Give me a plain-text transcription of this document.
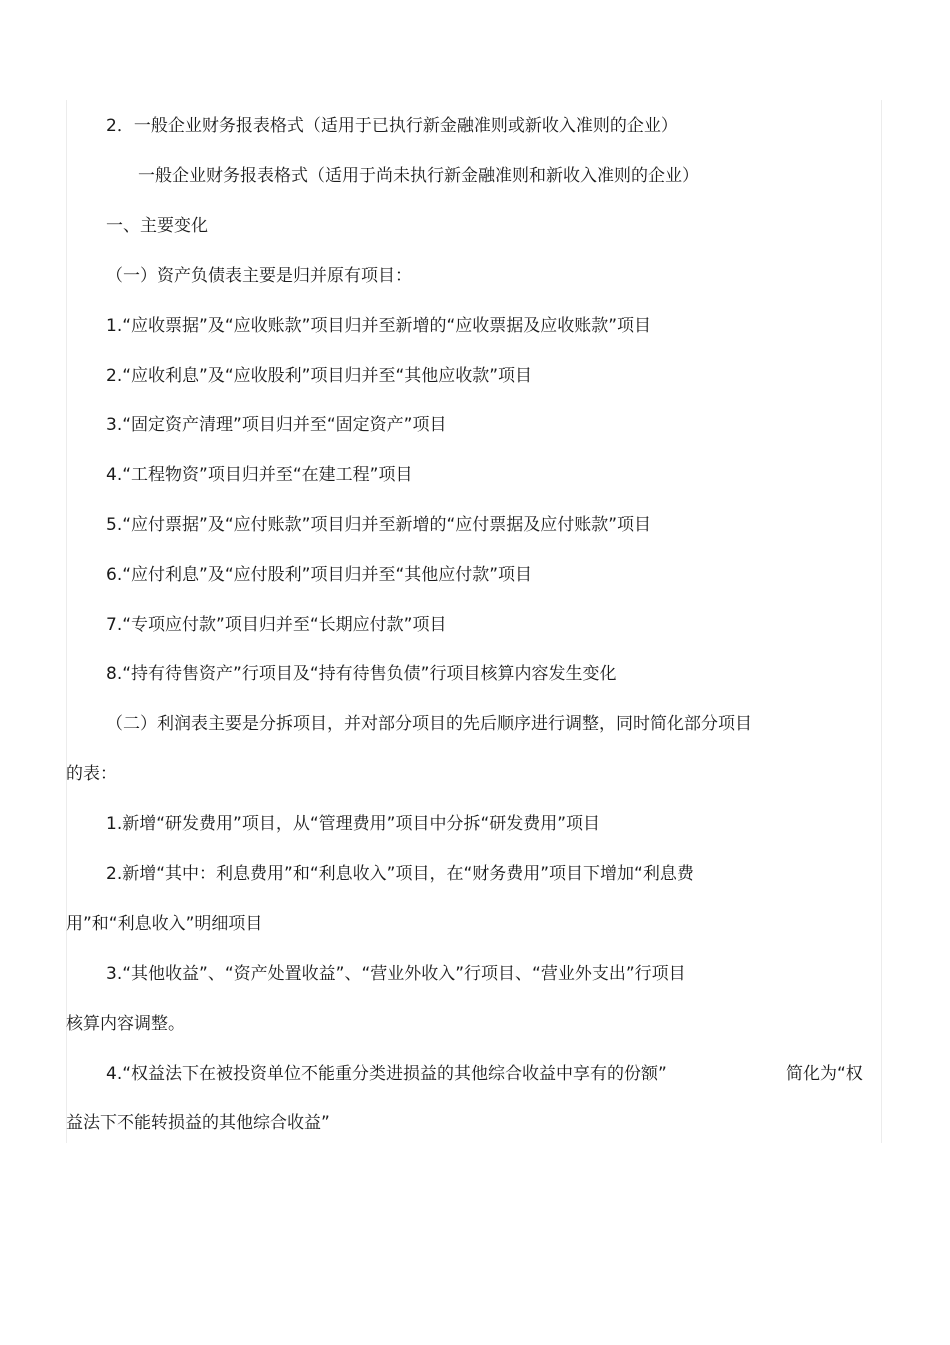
2．一般企业财务报表格式（适用于已执行新金融准则或新收入准则的企业）

一般企业财务报表格式（适用于尚未执行新金融准则和新收入准则的企业）

一、主要变化

（一）资产负债表主要是归并原有项目：

1.“应收票据”及“应收账款”项目归并至新增的“应收票据及应收账款”项目

2.“应收利息”及“应收股利”项目归并至“其他应收款”项目

3.“固定资产清理”项目归并至“固定资产”项目

4.“工程物资”项目归并至“在建工程”项目

5.“应付票据”及“应付账款”项目归并至新增的“应付票据及应付账款”项目

6.“应付利息”及“应付股利”项目归并至“其他应付款”项目

7.“专项应付款”项目归并至“长期应付款”项目

8.“持有待售资产”行项目及“持有待售负债”行项目核算内容发生变化

（二）利润表主要是分拆项目，并对部分项目的先后顺序进行调整，同时简化部分项目

的表：

1.新增“研发费用”项目，从“管理费用”项目中分拆“研发费用”项目

2.新增“其中：利息费用”和“利息收入”项目，在“财务费用”项目下增加“利息费

用”和“利息收入”明细项目

3.“其他收益”、“资产处置收益”、“营业外收入”行项目、“营业外支出”行项目

核算内容调整。

4.“权益法下在被投资单位不能重分类进损益的其他综合收益中享有的份额”	简化为“权

益法下不能转损益的其他综合收益”
